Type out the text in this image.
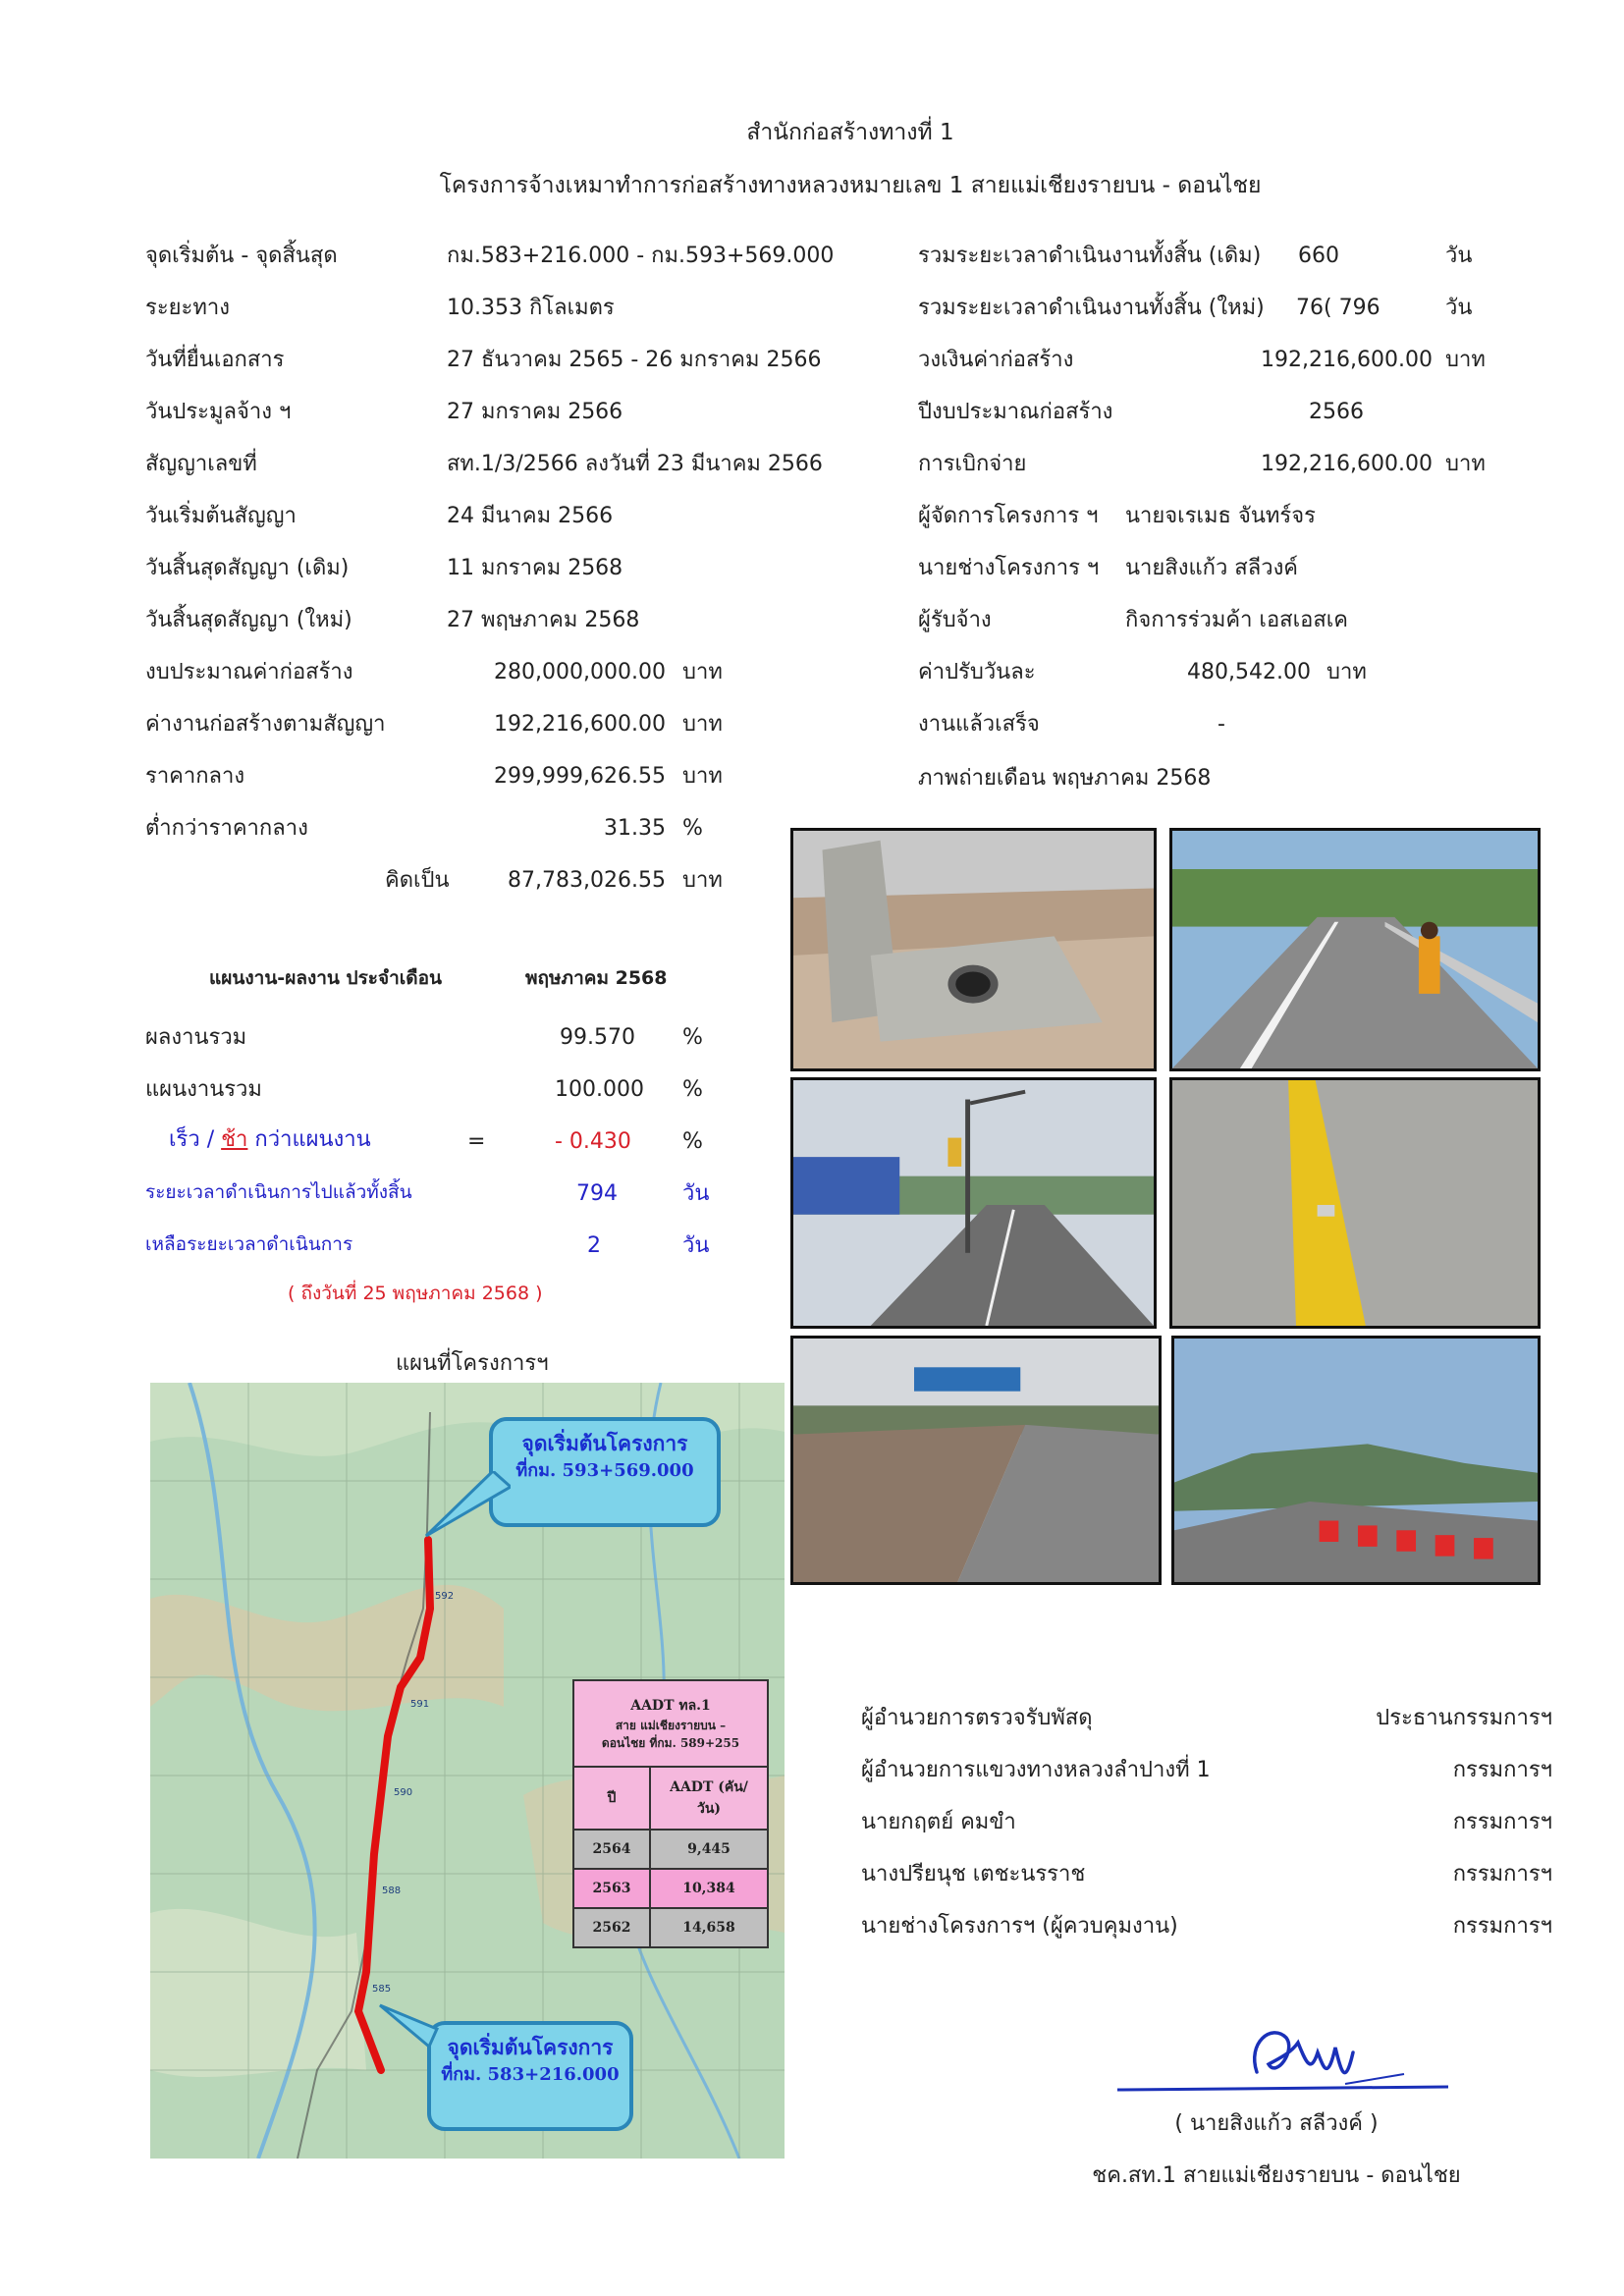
สำนักก่อสร้างทางที่ 1
โครงการจ้างเหมาทำการก่อสร้างทางหลวงหมายเลข 1 สายแม่เชียงรายบน - ดอนไชย
จุดเริ่มต้น - จุดสิ้นสุด	กม.583+216.000 - กม.593+569.000
ระยะทาง	10.353 กิโลเมตร
วันที่ยื่นเอกสาร	27 ธันวาคม 2565 - 26 มกราคม 2566
วันประมูลจ้าง ฯ	27 มกราคม 2566
สัญญาเลขที่	สท.1/3/2566 ลงวันที่ 23 มีนาคม 2566
วันเริ่มต้นสัญญา	24 มีนาคม 2566
วันสิ้นสุดสัญญา (เดิม)	11 มกราคม 2568
วันสิ้นสุดสัญญา (ใหม่)	27 พฤษภาคม 2568
งบประมาณค่าก่อสร้าง	280,000,000.00 บาท
ค่างานก่อสร้างตามสัญญา	192,216,600.00 บาท
ราคากลาง	299,999,626.55 บาท
ต่ำกว่าราคากลาง	31.35 %
คิดเป็น	87,783,026.55 บาท
รวมระยะเวลาดำเนินงานทั้งสิ้น (เดิม) 660	วัน
รวมระยะเวลาดำเนินงานทั้งสิ้น (ใหม่) 76( 796	วัน
วงเงินค่าก่อสร้าง	192,216,600.00 บาท
ปีงบประมาณก่อสร้าง	2566
การเบิกจ่าย	192,216,600.00 บาท
ผู้จัดการโครงการ ฯ นายจเรเมธ จันทร์จร
นายช่างโครงการ ฯ นายสิงแก้ว สลีวงค์
ผู้รับจ้าง	กิจการร่วมค้า เอสเอสเค
ค่าปรับวันละ	480,542.00 บาท
งานแล้วเสร็จ	-
ภาพถ่ายเดือน พฤษภาคม 2568
แผนงาน-ผลงาน ประจำเดือน	พฤษภาคม 2568
ผลงานรวม	99.570 %
แผนงานรวม	100.000 %
เร็ว / ช้า กว่าแผนงาน	=	- 0.430 %
ระยะเวลาดำเนินการไปแล้วทั้งสิ้น	794	วัน
เหลือระยะเวลาดำเนินการ	2	วัน
( ถึงวันที่ 25 พฤษภาคม 2568 )
แผนที่โครงการฯ
592
591
590
588
585
จุดเริ่มต้นโครงการ
ที่กม. 593+569.000
จุดเริ่มต้นโครงการ
ที่กม. 583+216.000
AADT ทล.1
สาย แม่เชียงรายบน –
ดอนไชย ที่กม. 589+255	

ปี	AADT (คัน/
วัน)

2564	9,445
2563	10,384
2562	14,658
ผู้อำนวยการตรวจรับพัสดุ	ประธานกรรมการฯ
ผู้อำนวยการแขวงทางหลวงลำปางที่ 1	กรรมการฯ
นายกฤตย์ คมขำ	กรรมการฯ
นางปรียนุช เตชะนรราช	กรรมการฯ
นายช่างโครงการฯ (ผู้ควบคุมงาน)	กรรมการฯ
( นายสิงแก้ว สลีวงค์ )
ชค.สท.1 สายแม่เชียงรายบน - ดอนไชย
